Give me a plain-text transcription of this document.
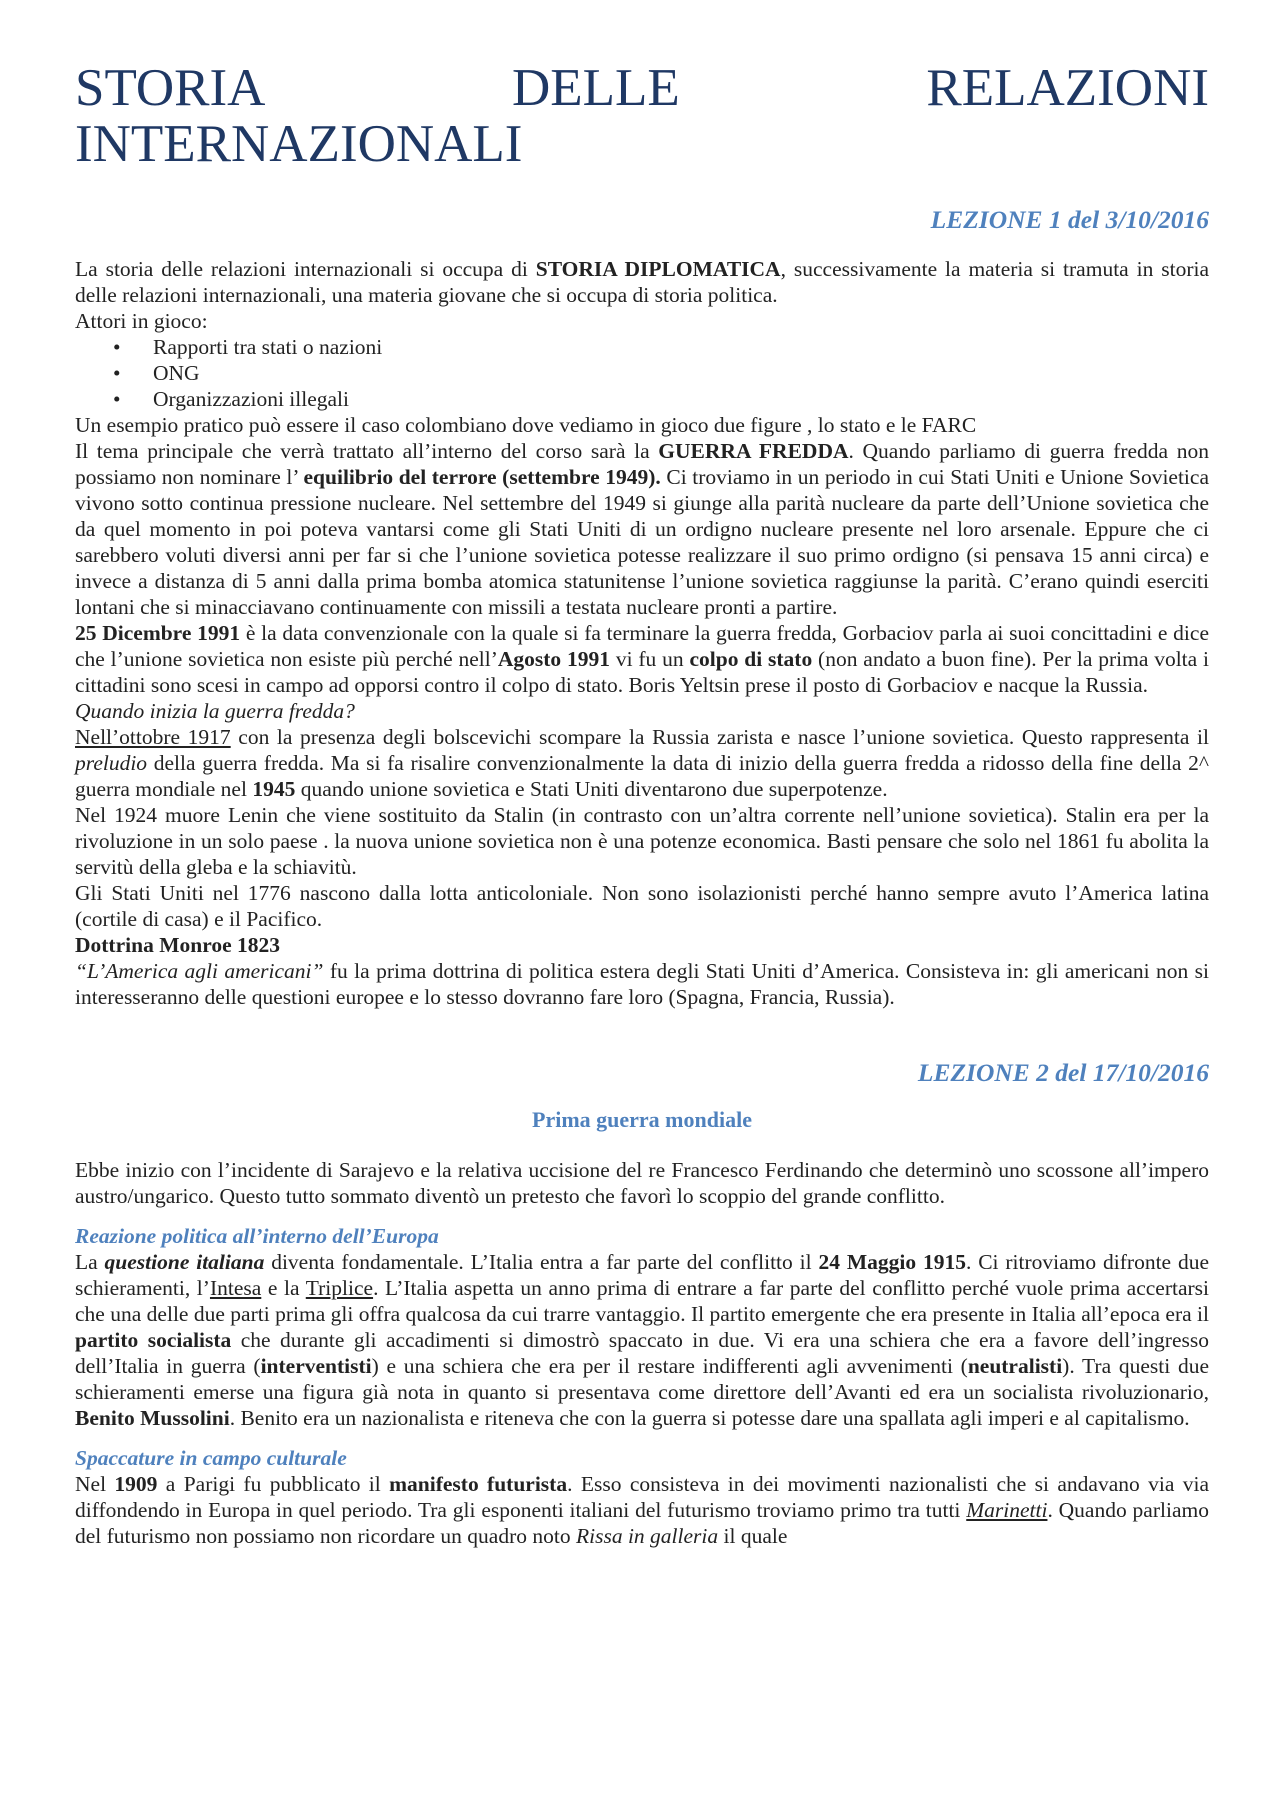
STORIA	DELLE	RELAZIONI
INTERNAZIONALI
LEZIONE 1 del 3/10/2016

La storia delle relazioni internazionali si occupa di STORIA DIPLOMATICA, successivamente la materia si tramuta in storia delle relazioni internazionali, una materia giovane che si occupa di storia politica.

Attori in gioco:

• Rapporti tra stati o nazioni
• ONG
• Organizzazioni illegali

Un esempio pratico può essere il caso colombiano dove vediamo in gioco due figure , lo stato e le FARC

Il tema principale che verrà trattato all’interno del corso sarà la GUERRA FREDDA. Quando parliamo di guerra fredda non possiamo non nominare l’ equilibrio del terrore (settembre 1949). Ci troviamo in un periodo in cui Stati Uniti e Unione Sovietica vivono sotto continua pressione nucleare. Nel settembre del 1949 si giunge alla parità nucleare da parte dell’Unione sovietica che da quel momento in poi poteva vantarsi come gli Stati Uniti di un ordigno nucleare presente nel loro arsenale. Eppure che ci sarebbero voluti diversi anni per far si che l’unione sovietica potesse realizzare il suo primo ordigno (si pensava 15 anni circa) e invece a distanza di 5 anni dalla prima bomba atomica statunitense l’unione sovietica raggiunse la parità. C’erano quindi eserciti lontani che si minacciavano continuamente con missili a testata nucleare pronti a partire.

25 Dicembre 1991 è la data convenzionale con la quale si fa terminare la guerra fredda, Gorbaciov parla ai suoi concittadini e dice che l’unione sovietica non esiste più perché nell’Agosto 1991 vi fu un colpo di stato (non andato a buon fine). Per la prima volta i cittadini sono scesi in campo ad opporsi contro il colpo di stato. Boris Yeltsin prese il posto di Gorbaciov e nacque la Russia.

Quando inizia la guerra fredda?

Nell’ottobre 1917 con la presenza degli bolscevichi scompare la Russia zarista e nasce l’unione sovietica. Questo rappresenta il preludio della guerra fredda. Ma si fa risalire convenzionalmente la data di inizio della guerra fredda a ridosso della fine della 2^ guerra mondiale nel 1945 quando unione sovietica e Stati Uniti diventarono due superpotenze.

Nel 1924 muore Lenin che viene sostituito da Stalin (in contrasto con un’altra corrente nell’unione sovietica). Stalin era per la rivoluzione in un solo paese . la nuova unione sovietica non è una potenze economica. Basti pensare che solo nel 1861 fu abolita la servitù della gleba e la schiavitù.

Gli Stati Uniti nel 1776 nascono dalla lotta anticoloniale. Non sono isolazionisti perché hanno sempre avuto l’America latina (cortile di casa) e il Pacifico.

Dottrina Monroe 1823

“L’America agli americani” fu la prima dottrina di politica estera degli Stati Uniti d’America. Consisteva in: gli americani non si interesseranno delle questioni europee e lo stesso dovranno fare loro (Spagna, Francia, Russia).

LEZIONE 2 del 17/10/2016
Prima guerra mondiale

Ebbe inizio con l’incidente di Sarajevo e la relativa uccisione del re Francesco Ferdinando che determinò uno scossone all’impero austro/ungarico. Questo tutto sommato diventò un pretesto che favorì lo scoppio del grande conflitto.

Reazione politica all’interno dell’Europa

La questione italiana diventa fondamentale. L’Italia entra a far parte del conflitto il 24 Maggio 1915. Ci ritroviamo difronte due schieramenti, l’Intesa e la Triplice. L’Italia aspetta un anno prima di entrare a far parte del conflitto perché vuole prima accertarsi che una delle due parti prima gli offra qualcosa da cui trarre vantaggio. Il partito emergente che era presente in Italia all’epoca era il partito socialista che durante gli accadimenti si dimostrò spaccato in due. Vi era una schiera che era a favore dell’ingresso dell’Italia in guerra (interventisti) e una schiera che era per il restare indifferenti agli avvenimenti (neutralisti). Tra questi due schieramenti emerse una figura già nota in quanto si presentava come direttore dell’Avanti ed era un socialista rivoluzionario, Benito Mussolini. Benito era un nazionalista e riteneva che con la guerra si potesse dare una spallata agli imperi e al capitalismo.

Spaccature in campo culturale

Nel 1909 a Parigi fu pubblicato il manifesto futurista. Esso consisteva in dei movimenti nazionalisti che si andavano via via diffondendo in Europa in quel periodo. Tra gli esponenti italiani del futurismo troviamo primo tra tutti Marinetti. Quando parliamo del futurismo non possiamo non ricordare un quadro noto Rissa in galleria il quale
